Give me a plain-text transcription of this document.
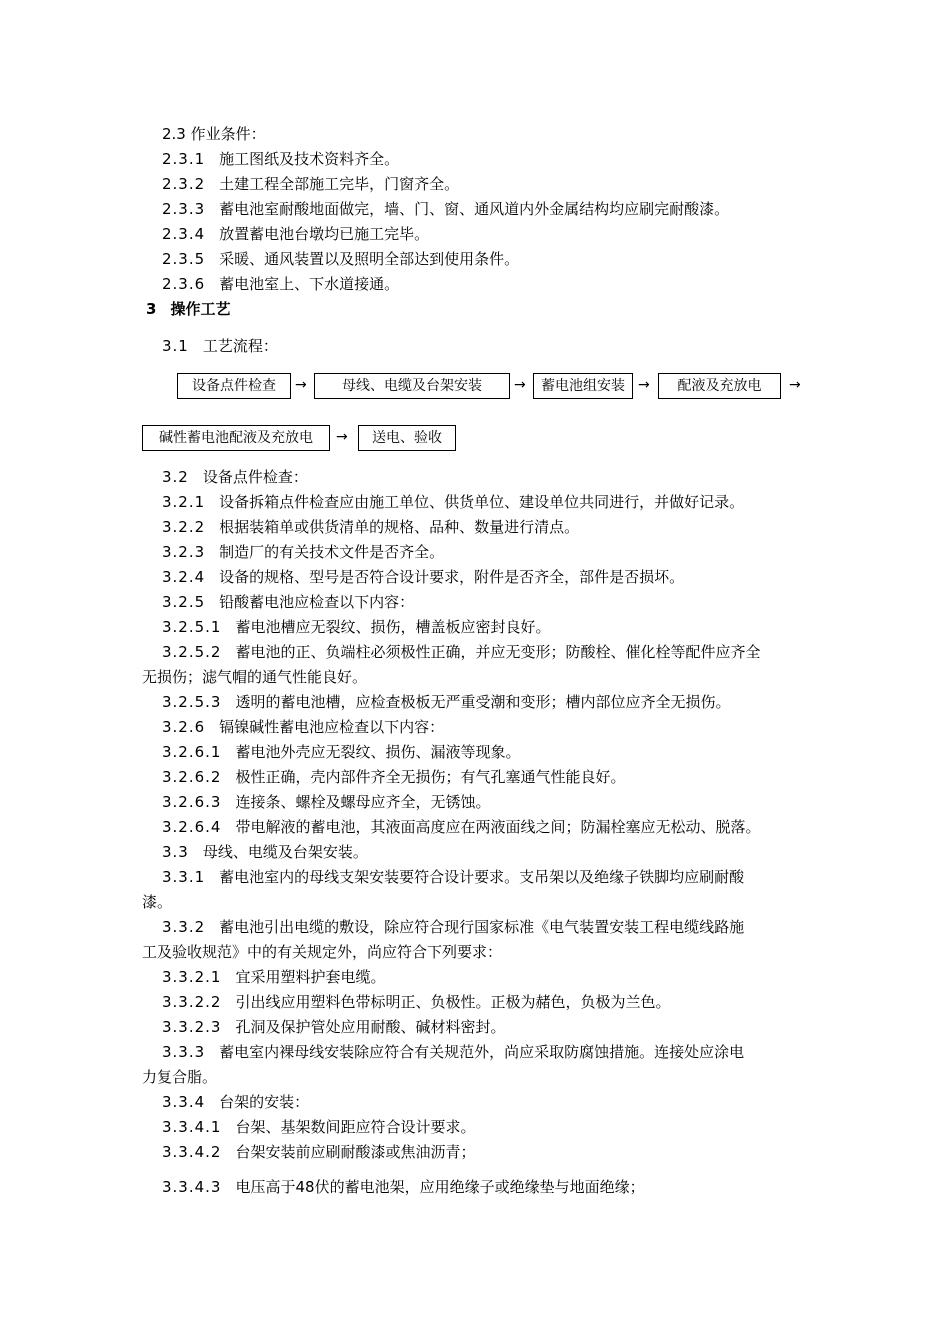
2.3 作业条件：
2.3.1 施工图纸及技术资料齐全。
2.3.2 土建工程全部施工完毕，门窗齐全。
2.3.3 蓄电池室耐酸地面做完，墙、门、窗、通风道内外金属结构均应刷完耐酸漆。
2.3.4 放置蓄电池台墩均已施工完毕。
2.3.5 采暖、通风装置以及照明全部达到使用条件。
2.3.6 蓄电池室上、下水道接通。
3 操作工艺
3.1 工艺流程：
设备点件检查	→	母线、电缆及台架安装	→	蓄电池组安装 →	配液及充放电	→
碱性蓄电池配液及充放电	→	送电、验收
3.2 设备点件检查：
3.2.1 设备拆箱点件检查应由施工单位、供货单位、建设单位共同进行，并做好记录。
3.2.2 根据装箱单或供货清单的规格、品种、数量进行清点。
3.2.3 制造厂的有关技术文件是否齐全。
3.2.4 设备的规格、型号是否符合设计要求，附件是否齐全，部件是否损坏。
3.2.5 铅酸蓄电池应检查以下内容：
3.2.5.1 蓄电池槽应无裂纹、损伤，槽盖板应密封良好。
3.2.5.2 蓄电池的正、负端柱必须极性正确，并应无变形；防酸栓、催化栓等配件应齐全
无损伤；滤气帽的通气性能良好。
3.2.5.3 透明的蓄电池槽，应检查极板无严重受潮和变形；槽内部位应齐全无损伤。
3.2.6 镉镍碱性蓄电池应检查以下内容：
3.2.6.1 蓄电池外壳应无裂纹、损伤、漏液等现象。
3.2.6.2 极性正确，壳内部件齐全无损伤；有气孔塞通气性能良好。
3.2.6.3 连接条、螺栓及螺母应齐全，无锈蚀。
3.2.6.4 带电解液的蓄电池，其液面高度应在两液面线之间；防漏栓塞应无松动、脱落。
3.3 母线、电缆及台架安装。
3.3.1 蓄电池室内的母线支架安装要符合设计要求。支吊架以及绝缘子铁脚均应刷耐酸
漆。
3.3.2 蓄电池引出电缆的敷设，除应符合现行国家标准《电气装置安装工程电缆线路施
工及验收规范》中的有关规定外，尚应符合下列要求：
3.3.2.1 宜采用塑料护套电缆。
3.3.2.2 引出线应用塑料色带标明正、负极性。正极为赭色，负极为兰色。
3.3.2.3 孔洞及保护管处应用耐酸、碱材料密封。
3.3.3 蓄电室内裸母线安装除应符合有关规范外，尚应采取防腐蚀措施。连接处应涂电
力复合脂。
3.3.4 台架的安装：
3.3.4.1 台架、基架数间距应符合设计要求。
3.3.4.2 台架安装前应刷耐酸漆或焦油沥青；
3.3.4.3 电压高于48伏的蓄电池架，应用绝缘子或绝缘垫与地面绝缘；
